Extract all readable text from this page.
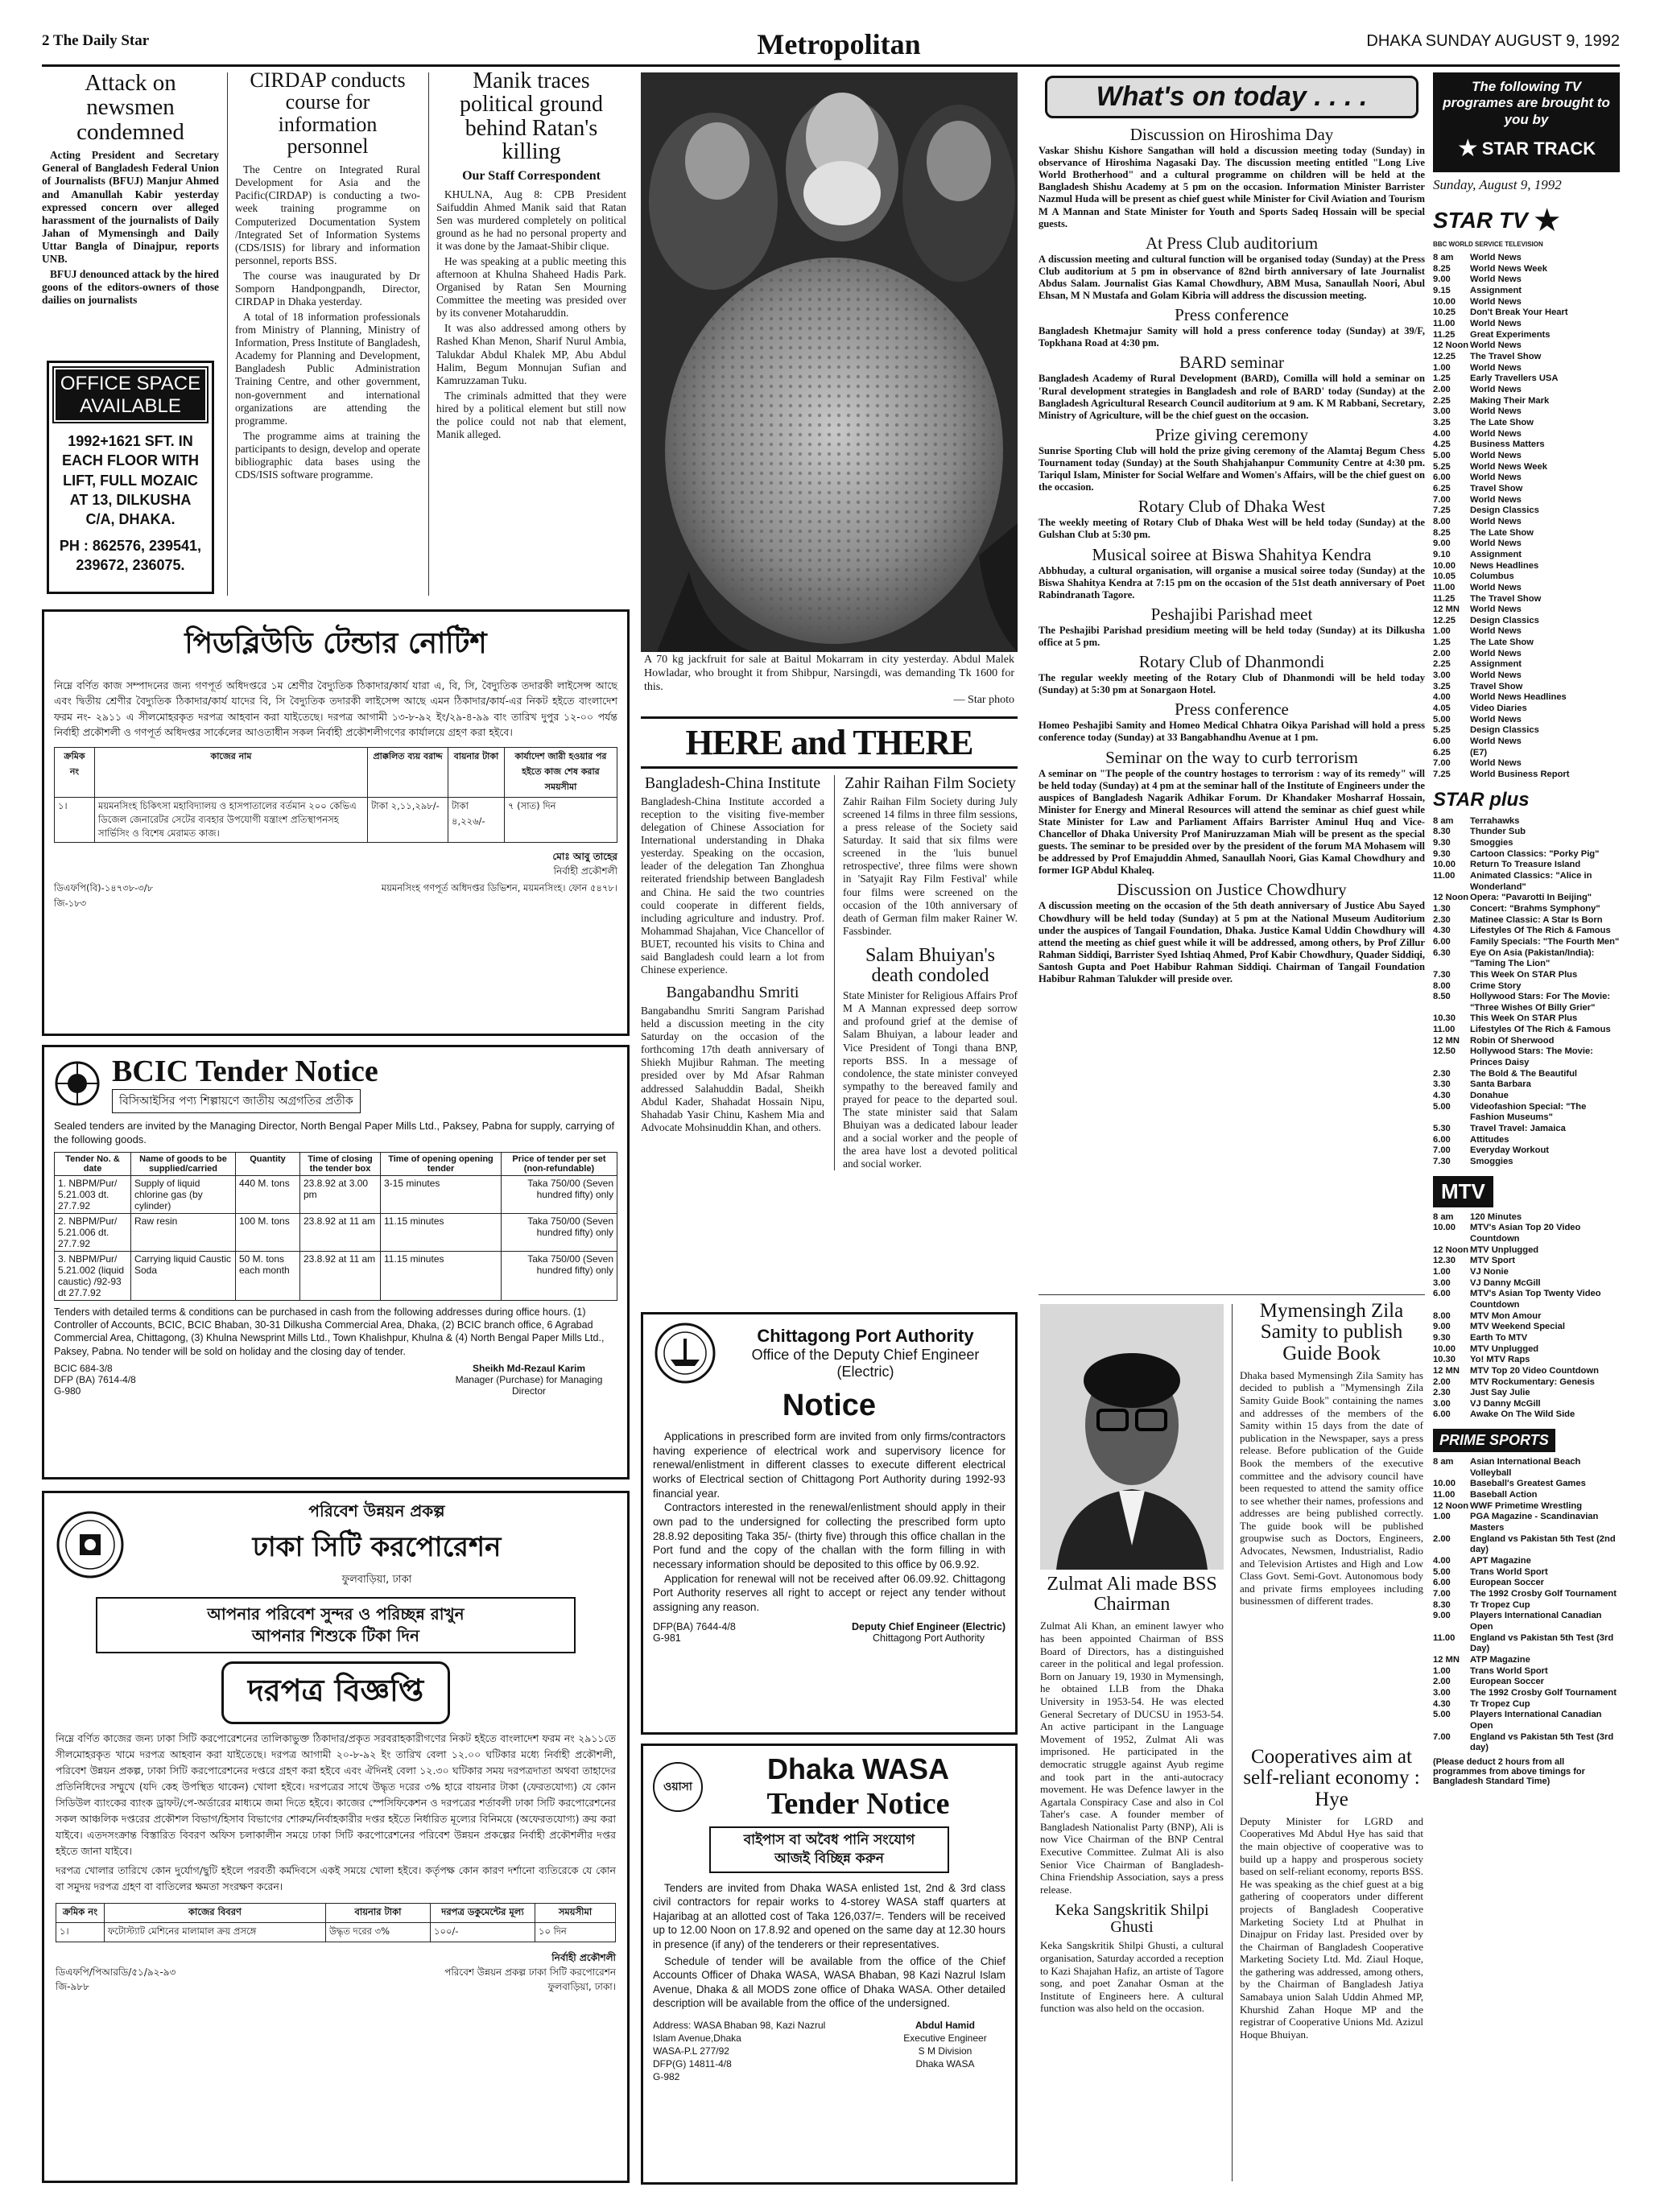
2 The Daily Star	Metropolitan	DHAKA SUNDAY AUGUST 9, 1992
Attack on newsmen condemned

Acting President and Secretary General of Bangladesh Federal Union of Journalists (BFUJ) Manjur Ahmed and Amanullah Kabir yesterday expressed concern over alleged harassment of the journalists of Daily Jahan of Mymensingh and Daily Uttar Bangla of Dinajpur, reports UNB.

BFUJ denounced attack by the hired goons of the editors-owners of those dailies on journalists

OFFICE SPACE AVAILABLE
1992+1621 SFT. IN EACH FLOOR WITH LIFT, FULL MOZAIC AT 13, DILKUSHA C/A, DHAKA.
PH : 862576, 239541, 239672, 236075.
CIRDAP conducts course for information personnel

The Centre on Integrated Rural Development for Asia and the Pacific(CIRDAP) is conducting a two-week training programme on Computerized Documentation System /Integrated Set of Information Systems (CDS/ISIS) for library and information personnel, reports BSS.

The course was inaugurated by Dr Somporn Handpongpandh, Director, CIRDAP in Dhaka yesterday.

A total of 18 information professionals from Ministry of Planning, Ministry of Information, Press Institute of Bangladesh, Academy for Planning and Development, Bangladesh Public Administration Training Centre, and other government, non-government and international organizations are attending the programme.

The programme aims at training the participants to design, develop and operate bibliographic data bases using the CDS/ISIS software programme.

Manik traces political ground behind Ratan's killing
Our Staff Correspondent

KHULNA, Aug 8: CPB President Saifuddin Ahmed Manik said that Ratan Sen was murdered completely on political ground as he had no personal property and it was done by the Jamaat-Shibir clique.

He was speaking at a public meeting this afternoon at Khulna Shaheed Hadis Park. Organised by Ratan Sen Mourning Committee the meeting was presided over by its convener Motaharuddin.

It was also addressed among others by Rashed Khan Menon, Sharif Nurul Ambia, Talukdar Abdul Khalek MP, Abu Abdul Halim, Begum Monnujan Sufian and Kamruzzaman Tuku.

The criminals admitted that they were hired by a political element but still now the police could not nab that element, Manik alleged.

A 70 kg jackfruit for sale at Baitul Mokarram in city yesterday. Abdul Malek Howladar, who brought it from Shibpur, Narsingdi, was demanding Tk 1600 for this.
— Star photo
পিডব্লিউডি টেন্ডার নোটিশ
নিম্নে বর্ণিত কাজ সম্পাদনের জন্য গণপূর্ত অধিদপ্তরে ১ম শ্রেণীর বৈদ্যুতিক ঠিকাদার/কার্য যারা এ, বি, সি, বৈদ্যুতিক তদারকী লাইসেন্স আছে এবং দ্বিতীয় শ্রেণীর বৈদ্যুতিক ঠিকাদার/কার্য যাদের বি, সি বৈদ্যুতিক তদারকী লাইসেন্স আছে এমন ঠিকাদার/কার্য-এর নিকট হইতে বাংলাদেশ ফরম নং- ২৯১১ এ সীলমোহরকৃত দরপত্র আহবান করা যাইতেছে। দরপত্র আগামী ১৩-৮-৯২ ইং/২৯-৪-৯৯ বাং তারিখ দুপুর ১২-০০ পর্যন্ত নির্বাহী প্রকৌশলী ও গণপূর্ত অধিদপ্তর সার্কেলের আওতাধীন সকল নির্বাহী প্রকৌশলীগণের কার্যালয়ে গ্রহণ করা হইবে।
ক্রমিক নং	কাজের নাম	প্রাক্কলিত ব্যয় বরাদ্দ	বায়নার টাকা	কার্যাদেশ জারী হওয়ার পর হইতে কাজ শেষ করার সময়সীমা
১।	ময়মনসিংহ চিকিৎসা মহাবিদ্যালয় ও হাসপাতালের বর্তমান ২০০ কেভিএ ডিজেল জেনারেটর সেটের ব্যবহার উপযোগী যন্ত্রাংশ প্রতিস্থাপনসহ সার্ভিসিং ও বিশেষ মেরামত কাজ।	টাকা ২,১১,২৯৮/-	টাকা ৪,২২৬/-	৭ (সাত) দিন
মোঃ আবু তাহের
নির্বাহী প্রকৌশলী
ডিএফপি(বি)-১৪৭৩৮-৩/৮
জি-১৮৩
ময়মনসিংহ গণপূর্ত অধিদপ্তর ডিভিশন, ময়মনসিংহ। ফোন ৫৪৭৮।
BCIC Tender Notice
বিসিআইসির পণ্য শিল্পায়ণে জাতীয় অগ্রগতির প্রতীক
Sealed tenders are invited by the Managing Director, North Bengal Paper Mills Ltd., Paksey, Pabna for supply, carrying of the following goods.
Tender No. & date	Name of goods to be supplied/carried	Quantity	Time of closing the tender box	Time of opening opening tender	Price of tender per set (non-refundable)
1. NBPM/Pur/ 5.21.003 dt. 27.7.92	Supply of liquid chlorine gas (by cylinder)	440 M. tons	23.8.92 at 3.00 pm	3-15 minutes	Taka 750/00 (Seven hundred fifty) only
2. NBPM/Pur/ 5.21.006 dt. 27.7.92	Raw resin	100 M. tons	23.8.92 at 11 am	11.15 minutes	Taka 750/00 (Seven hundred fifty) only
3. NBPM/Pur/ 5.21.002 (liquid caustic) /92-93 dt 27.7.92	Carrying liquid Caustic Soda	50 M. tons each month	23.8.92 at 11 am	11.15 minutes	Taka 750/00 (Seven hundred fifty) only
Tenders with detailed terms & conditions can be purchased in cash from the following addresses during office hours. (1) Controller of Accounts, BCIC, BCIC Bhaban, 30-31 Dilkusha Commercial Area, Dhaka, (2) BCIC branch office, 6 Agrabad Commercial Area, Chittagong, (3) Khulna Newsprint Mills Ltd., Town Khalishpur, Khulna & (4) North Bengal Paper Mills Ltd., Paksey, Pabna. No tender will be sold on holiday and the closing day of tender.
BCIC 684-3/8
DFP (BA) 7614-4/8
G-980
Sheikh Md-Rezaul Karim
Manager (Purchase) for Managing Director
পরিবেশ উন্নয়ন প্রকল্প
ঢাকা সিটি করপোরেশন
ফুলবাড়িয়া, ঢাকা
আপনার পরিবেশ সুন্দর ও পরিচ্ছন্ন রাখুন
আপনার শিশুকে টিকা দিন
দরপত্র বিজ্ঞপ্তি
নিম্নে বর্ণিত কাজের জন্য ঢাকা সিটি করপোরেশনের তালিকাভুক্ত ঠিকাদার/প্রকৃত সরবরাহকারীগণের নিকট হইতে বাংলাদেশ ফরম নং ২৯১১তে সীলমোহরকৃত খামে দরপত্র আহবান করা যাইতেছে। দরপত্র আগামী ২০-৮-৯২ ইং তারিখ বেলা ১২.০০ ঘটিকার মধ্যে নির্বাহী প্রকৌশলী, পরিবেশ উন্নয়ন প্রকল্প, ঢাকা সিটি করপোরেশনের দপ্তরে গ্রহণ করা হইবে এবং ঐদিনই বেলা ১২.৩০ ঘটিকার সময় দরপত্রদাতা অথবা তাহাদের প্রতিনিধিদের সম্মুখে (যদি কেহ উপস্থিত থাকেন) খোলা হইবে। দরপত্রের সাথে উদ্ধৃত দরের ৩% হারে বায়নার টাকা (ফেরতযোগ্য) যে কোন সিডিউল ব্যাংকের ব্যাংক ড্রাফট/পে-অর্ডারের মাধ্যমে জমা দিতে হইবে। কাজের স্পেসিফিকেশন ও দরপত্রের শর্তাবলী ঢাকা সিটি করপোরেশনের সকল আঞ্চলিক দপ্তরের প্রকৌশল বিভাগ/হিসাব বিভাগের শোরুম/নির্বাহকারীর দপ্তর হইতে নির্ধারিত মূল্যের বিনিময়ে (অফেরতযোগ্য) ক্রয় করা যাইবে। এতদসংক্রান্ত বিস্তারিত বিবরণ অফিস চলাকালীন সময়ে ঢাকা সিটি করপোরেশনের পরিবেশ উন্নয়ন প্রকল্পের নির্বাহী প্রকৌশলীর দপ্তর হইতে জানা যাইবে।
দরপত্র খোলার তারিখে কোন দুর্যোগ/ছুটি হইলে পরবর্তী কর্মদিবসে একই সময়ে খোলা হইবে। কর্তৃপক্ষ কোন কারণ দর্শানো ব্যতিরেকে যে কোন বা সমুদয় দরপত্র গ্রহণ বা বাতিলের ক্ষমতা সংরক্ষণ করেন।
ক্রমিক নং	কাজের বিবরণ	বায়নার টাকা	দরপত্র ডকুমেন্টের মূল্য	সময়সীমা
১।	ফটোস্ট্যাট মেশিনের মালামাল ক্রয় প্রসঙ্গে	উদ্ধৃত দরের ৩%	১০০/-	১০ দিন
ডিএফপি/পিআরডি/৫১/৯২-৯৩
জি-৯৮৮
নির্বাহী প্রকৌশলী
পরিবেশ উন্নয়ন প্রকল্প ঢাকা সিটি করপোরেশন ফুলবাড়িয়া, ঢাকা।
HERE and THERE
Bangladesh-China Institute
Bangladesh-China Institute accorded a reception to the visiting five-member delegation of Chinese Association for International understanding in Dhaka yesterday. Speaking on the occasion, leader of the delegation Tan Zhonghua reiterated friendship between Bangladesh and China. He said the two countries could cooperate in different fields, including agriculture and industry. Prof. Mohammad Shajahan, Vice Chancellor of BUET, recounted his visits to China and said Bangladesh could learn a lot from Chinese experience.
Bangabandhu Smriti
Bangabandhu Smriti Sangram Parishad held a discussion meeting in the city Saturday on the occasion of the forthcoming 17th death anniversary of Shiekh Mujibur Rahman. The meeting presided over by Md Afsar Rahman addressed Salahuddin Badal, Sheikh Abdul Kader, Shahadat Hossain Nipu, Shahadab Yasir Chinu, Kashem Mia and Advocate Mohsinuddin Khan, and others.
Zahir Raihan Film Society
Zahir Raihan Film Society during July screened 14 films in three film sessions, a press release of the Society said Saturday. It said that six films were screened in the 'luis bunuel retrospective', three films were shown in 'Satyajit Ray Film Festival' while four films were screened on the occasion of the 10th anniversary of death of German film maker Rainer W. Fassbinder.
Salam Bhuiyan's death condoled
State Minister for Religious Affairs Prof M A Mannan expressed deep sorrow and profound grief at the demise of Salam Bhuiyan, a labour leader and Vice President of Tongi thana BNP, reports BSS. In a message of condolence, the state minister conveyed sympathy to the bereaved family and prayed for peace to the departed soul. The state minister said that Salam Bhuiyan was a dedicated labour leader and a social worker and the people of the area have lost a devoted political and social worker.
Chittagong Port Authority
Office of the Deputy Chief Engineer (Electric)
Notice

Applications in prescribed form are invited from only firms/contractors having experience of electrical work and supervisory licence for renewal/enlistment in different classes to execute different electrical works of Electrical section of Chittagong Port Authority during 1992-93 financial year.

Contractors interested in the renewal/enlistment should apply in their own pad to the undersigned for collecting the prescribed form upto 28.8.92 depositing Taka 35/- (thirty five) through this office challan in the Port fund and the copy of the challan with the form filling in with necessary information should be deposited to this office by 06.9.92.

Application for renewal will not be received after 06.09.92. Chittagong Port Authority reserves all right to accept or reject any tender without assigning any reason.

DFP(BA) 7644-4/8
G-981
Deputy Chief Engineer (Electric)
Chittagong Port Authority
ওয়াসা
Dhaka WASA
Tender Notice
বাইপাস বা অবৈধ পানি সংযোগ
আজই বিচ্ছিন্ন করুন

Tenders are invited from Dhaka WASA enlisted 1st, 2nd & 3rd class civil contractors for repair works to 4-storey WASA staff quarters at Hajaribag at an allotted cost of Taka 126,037/=. Tenders will be received up to 12.00 Noon on 17.8.92 and opened on the same day at 12.30 hours in presence (if any) of the tenderers or their representatives.

Schedule of tender will be available from the office of the Chief Accounts Officer of Dhaka WASA, WASA Bhaban, 98 Kazi Nazrul Islam Avenue, Dhaka & all MODS zone office of Dhaka WASA. Other detailed description will be available from the office of the undersigned.

Address: WASA Bhaban 98, Kazi Nazrul Islam Avenue,Dhaka
WASA-P.L 277/92
DFP(G) 14811-4/8
G-982
Abdul Hamid
Executive Engineer
S M Division
Dhaka WASA
What's on today . . . .
Discussion on Hiroshima Day
Vaskar Shishu Kishore Sangathan will hold a discussion meeting today (Sunday) in observance of Hiroshima Nagasaki Day. The discussion meeting entitled "Long Live World Brotherhood" and a cultural programme on children will be held at the Bangladesh Shishu Academy at 5 pm on the occasion. Information Minister Barrister Nazmul Huda will be present as chief guest while Minister for Civil Aviation and Tourism M A Mannan and State Minister for Youth and Sports Sadeq Hossain will be special guests.
At Press Club auditorium
A discussion meeting and cultural function will be organised today (Sunday) at the Press Club auditorium at 5 pm in observance of 82nd birth anniversary of late Journalist Abdus Salam. Journalist Gias Kamal Chowdhury, ABM Musa, Sanaullah Noori, Abul Ehsan, M N Mustafa and Golam Kibria will address the discussion meeting.
Press conference
Bangladesh Khetmajur Samity will hold a press conference today (Sunday) at 39/F, Topkhana Road at 4:30 pm.
BARD seminar
Bangladesh Academy of Rural Development (BARD), Comilla will hold a seminar on 'Rural development strategies in Bangladesh and role of BARD' today (Sunday) at the Bangladesh Agricultural Research Council auditorium at 9 am. K M Rabbani, Secretary, Ministry of Agriculture, will be the chief guest on the occasion.
Prize giving ceremony
Sunrise Sporting Club will hold the prize giving ceremony of the Alamtaj Begum Chess Tournament today (Sunday) at the South Shahjahanpur Community Centre at 4:30 pm. Tariqul Islam, Minister for Social Welfare and Women's Affairs, will be the chief guest on the occasion.
Rotary Club of Dhaka West
The weekly meeting of Rotary Club of Dhaka West will be held today (Sunday) at the Gulshan Club at 5:30 pm.
Musical soiree at Biswa Shahitya Kendra
Abbhuday, a cultural organisation, will organise a musical soiree today (Sunday) at the Biswa Shahitya Kendra at 7:15 pm on the occasion of the 51st death anniversary of Poet Rabindranath Tagore.
Peshajibi Parishad meet
The Peshajibi Parishad presidium meeting will be held today (Sunday) at its Dilkusha office at 5 pm.
Rotary Club of Dhanmondi
The regular weekly meeting of the Rotary Club of Dhanmondi will be held today (Sunday) at 5:30 pm at Sonargaon Hotel.
Press conference
Homeo Peshajibi Samity and Homeo Medical Chhatra Oikya Parishad will hold a press conference today (Sunday) at 33 Bangabhandhu Avenue at 1 pm.
Seminar on the way to curb terrorism
A seminar on "The people of the country hostages to terrorism : way of its remedy" will be held today (Sunday) at 4 pm at the seminar hall of the Institute of Engineers under the auspices of Bangladesh Nagarik Adhikar Forum. Dr Khandaker Mosharraf Hossain, Minister for Energy and Mineral Resources will attend the seminar as chief guest while State Minister for Law and Parliament Affairs Barrister Aminul Huq and Vice-Chancellor of Dhaka University Prof Maniruzzaman Miah will be present as the special guests. The seminar to be presided over by the president of the forum MA Mohasem will be addressed by Prof Emajuddin Ahmed, Sanaullah Noori, Gias Kamal Chowdhury and former IGP Abdul Khaleq.
Discussion on Justice Chowdhury
A discussion meeting on the occasion of the 5th death anniversary of Justice Abu Sayed Chowdhury will be held today (Sunday) at 5 pm at the National Museum Auditorium under the auspices of Tangail Foundation, Dhaka. Justice Kamal Uddin Chowdhury will attend the meeting as chief guest while it will be addressed, among others, by Prof Zillur Rahman Siddiqi, Barrister Syed Ishtiaq Ahmed, Prof Kabir Chowdhury, Quader Siddiqi, Santosh Gupta and Poet Habibur Rahman Siddiqi. Chairman of Tangail Foundation Habibur Rahman Talukder will preside over.
Zulmat Ali made BSS Chairman
Zulmat Ali Khan, an eminent lawyer who has been appointed Chairman of BSS Board of Directors, has a distinguished career in the political and legal profession. Born on January 19, 1930 in Mymensingh, he obtained LLB from the Dhaka University in 1953-54. He was elected General Secretary of DUCSU in 1953-54. An active participant in the Language Movement of 1952, Zulmat Ali was imprisoned. He participated in the democratic struggle against Ayub regime and took part in the anti-autocracy movement. He was Defence lawyer in the Agartala Conspiracy Case and also in Col Taher's case. A founder member of Bangladesh Nationalist Party (BNP), Ali is now Vice Chairman of the BNP Central Executive Committee. Zulmat Ali is also Senior Vice Chairman of Bangladesh-China Friendship Association, says a press release.
Keka Sangskritik Shilpi Ghusti
Keka Sangskritik Shilpi Ghusti, a cultural organisation, Saturday accorded a reception to Kazi Shajahan Hafiz, an artiste of Tagore song, and poet Zanahar Osman at the Institute of Engineers here. A cultural function was also held on the occasion.
Mymensingh Zila Samity to publish Guide Book
Dhaka based Mymensingh Zila Samity has decided to publish a "Mymensingh Zila Samity Guide Book" containing the names and addresses of the members of the Samity within 15 days from the date of publication in the Newspaper, says a press release. Before publication of the Guide Book the members of the executive committee and the advisory council have been requested to attend the samity office to see whether their names, professions and addresses are being published correctly. The guide book will be published groupwise such as Doctors, Engineers, Advocates, Newsmen, Industrialist, Radio and Television Artistes and High and Low Class Govt. Semi-Govt. Autonomous body and private firms employees including businessmen of different trades.
Cooperatives aim at self-reliant economy : Hye
Deputy Minister for LGRD and Cooperatives Md Abdul Hye has said that the main objective of cooperative was to build up a happy and prosperous society based on self-reliant economy, reports BSS. He was speaking as the chief guest at a big gathering of cooperators under different projects of Bangladesh Cooperative Marketing Society Ltd at Phulhat in Dinajpur on Friday last. Presided over by the Chairman of Bangladesh Cooperative Marketing Society Ltd. Md. Ziaul Hoque, the gathering was addressed, among others, by the Chairman of Bangladesh Jatiya Samabaya union Salah Uddin Ahmed MP, Khurshid Zahan Hoque MP and the registrar of Cooperative Unions Md. Azizul Hoque Bhuiyan.
The following TV programes are brought to you by
★ STAR TRACK
Sunday, August 9, 1992
STAR TV ★
BBC WORLD SERVICE TELEVISION
8 am	World News
8.25	World News Week
9.00	World News
9.15	Assignment
10.00	World News
10.25	Don't Break Your Heart
11.00	World News
11.25	Great Experiments
12 Noon World News
12.25	The Travel Show
1.00	World News
1.25	Early Travellers USA
2.00	World News
2.25	Making Their Mark
3.00	World News
3.25	The Late Show
4.00	World News
4.25	Business Matters
5.00	World News
5.25	World News Week
6.00	World News
6.25	Travel Show
7.00	World News
7.25	Design Classics
8.00	World News
8.25	The Late Show
9.00	World News
9.10	Assignment
10.00	News Headlines
10.05	Columbus
11.00	World News
11.25	The Travel Show
12 MN	World News
12.25	Design Classics
1.00	World News
1.25	The Late Show
2.00	World News
2.25	Assignment
3.00	World News
3.25	Travel Show
4.00	World News Headlines
4.05	Video Diaries
5.00	World News
5.25	Design Classics
6.00	World News
6.25	(E7)
7.00	World News
7.25	World Business Report
STAR plus
8 am	Terrahawks
8.30	Thunder Sub
9.30	Smoggies
9.30	Cartoon Classics: "Porky Pig"
10.00	Return To Treasure Island
11.00	Animated Classics: "Alice in Wonderland"
12 Noon Opera: "Pavarotti In Beijing"
1.30	Concert: "Brahms Symphony"
2.30	Matinee Classic: A Star Is Born
4.30	Lifestyles Of The Rich & Famous
6.00	Family Specials: "The Fourth Men"
6.30	Eye On Asia (Pakistan/India): "Taming The Lion"
7.30	This Week On STAR Plus
8.00	Crime Story
8.50	Hollywood Stars: For The Movie: "Three Wishes Of Billy Grier"
10.30	This Week On STAR Plus
11.00	Lifestyles Of The Rich & Famous
12 MN	Robin Of Sherwood
12.50	Hollywood Stars: The Movie: Princes Daisy
2.30	The Bold & The Beautiful
3.30	Santa Barbara
4.30	Donahue
5.00	Videofashion Special: "The Fashion Museums"
5.30	Travel Travel: Jamaica
6.00	Attitudes
7.00	Everyday Workout
7.30	Smoggies
MTV
8 am	120 Minutes
10.00	MTV's Asian Top 20 Video Countdown
12 Noon MTV Unplugged
12.30	MTV Sport
1.00	VJ Nonie
3.00	VJ Danny McGill
6.00	MTV's Asian Top Twenty Video Countdown
8.00	MTV Mon Amour
9.00	MTV Weekend Special
9.30	Earth To MTV
10.00	MTV Unplugged
10.30	Yo! MTV Raps
12 MN	MTV Top 20 Video Countdown
2.00	MTV Rockumentary: Genesis
2.30	Just Say Julie
3.00	VJ Danny McGill
6.00	Awake On The Wild Side
PRIME SPORTS
8 am	Asian International Beach Volleyball
10.00	Baseball's Greatest Games
11.00	Baseball Action
12 Noon WWF Primetime Wrestling
1.00	PGA Magazine - Scandinavian Masters
2.00	England vs Pakistan 5th Test (2nd day)
4.00	APT Magazine
5.00	Trans World Sport
6.00	European Soccer
7.00	The 1992 Crosby Golf Tournament
8.30	Tr Tropez Cup
9.00	Players International Canadian Open
11.00	England vs Pakistan 5th Test (3rd Day)
12 MN	ATP Magazine
1.00	Trans World Sport
2.00	European Soccer
3.00	The 1992 Crosby Golf Tournament
4.30	Tr Tropez Cup
5.00	Players International Canadian Open
7.00	England vs Pakistan 5th Test (3rd day)
(Please deduct 2 hours from all programmes from above timings for Bangladesh Standard Time)
